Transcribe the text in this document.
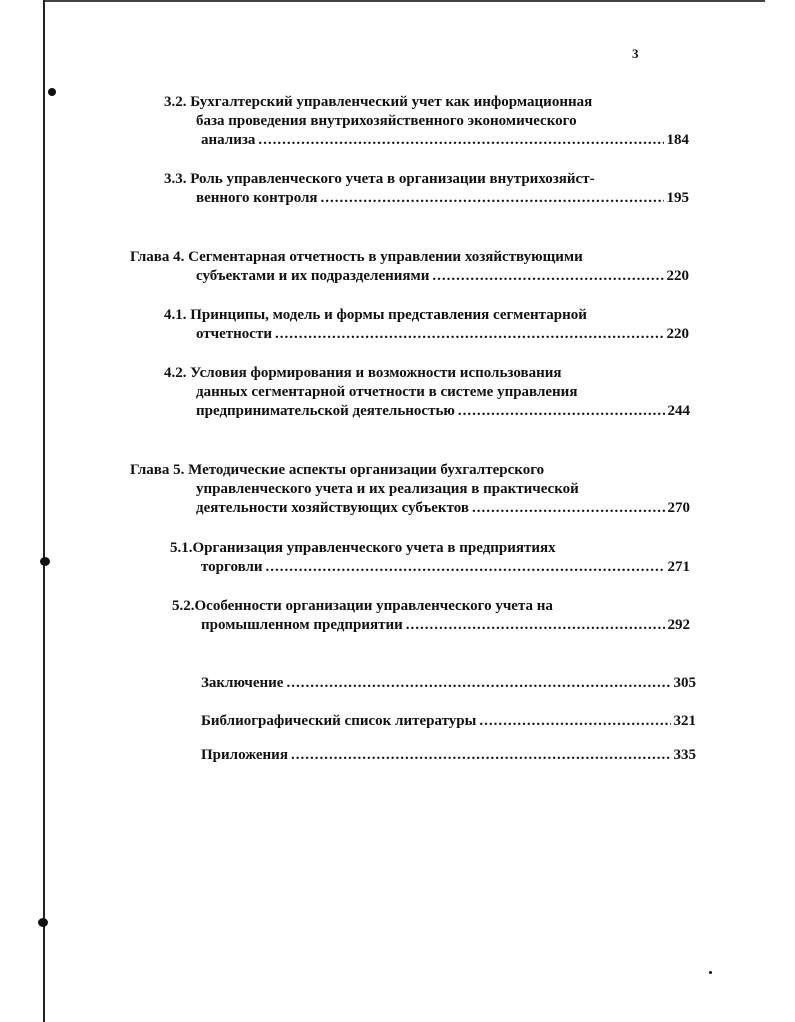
3
3.2. Бухгалтерский управленческий учет как информационная
база проведения внутрихозяйственного экономического
анализа .....	184
3.3. Роль управленческого учета в организации внутрихозяйст-
венного контроля .....	195
Глава 4. Сегментарная отчетность в управлении хозяйствующими
субъектами и их подразделениями .....	220
4.1. Принципы, модель и формы представления сегментарной
отчетности .....	220
4.2. Условия формирования и возможности использования
данных сегментарной отчетности в системе управления
предпринимательской деятельностью .....	244
Глава 5. Методические аспекты организации бухгалтерского
управленческого учета и их реализация в практической
деятельности хозяйствующих субъектов .....	270
5.1.Организация управленческого учета в предприятиях
торговли .....	271
5.2.Особенности организации управленческого учета на
промышленном предприятии .....	292
Заключение .....	305
Библиографический список литературы .....	321
Приложения .....	335
